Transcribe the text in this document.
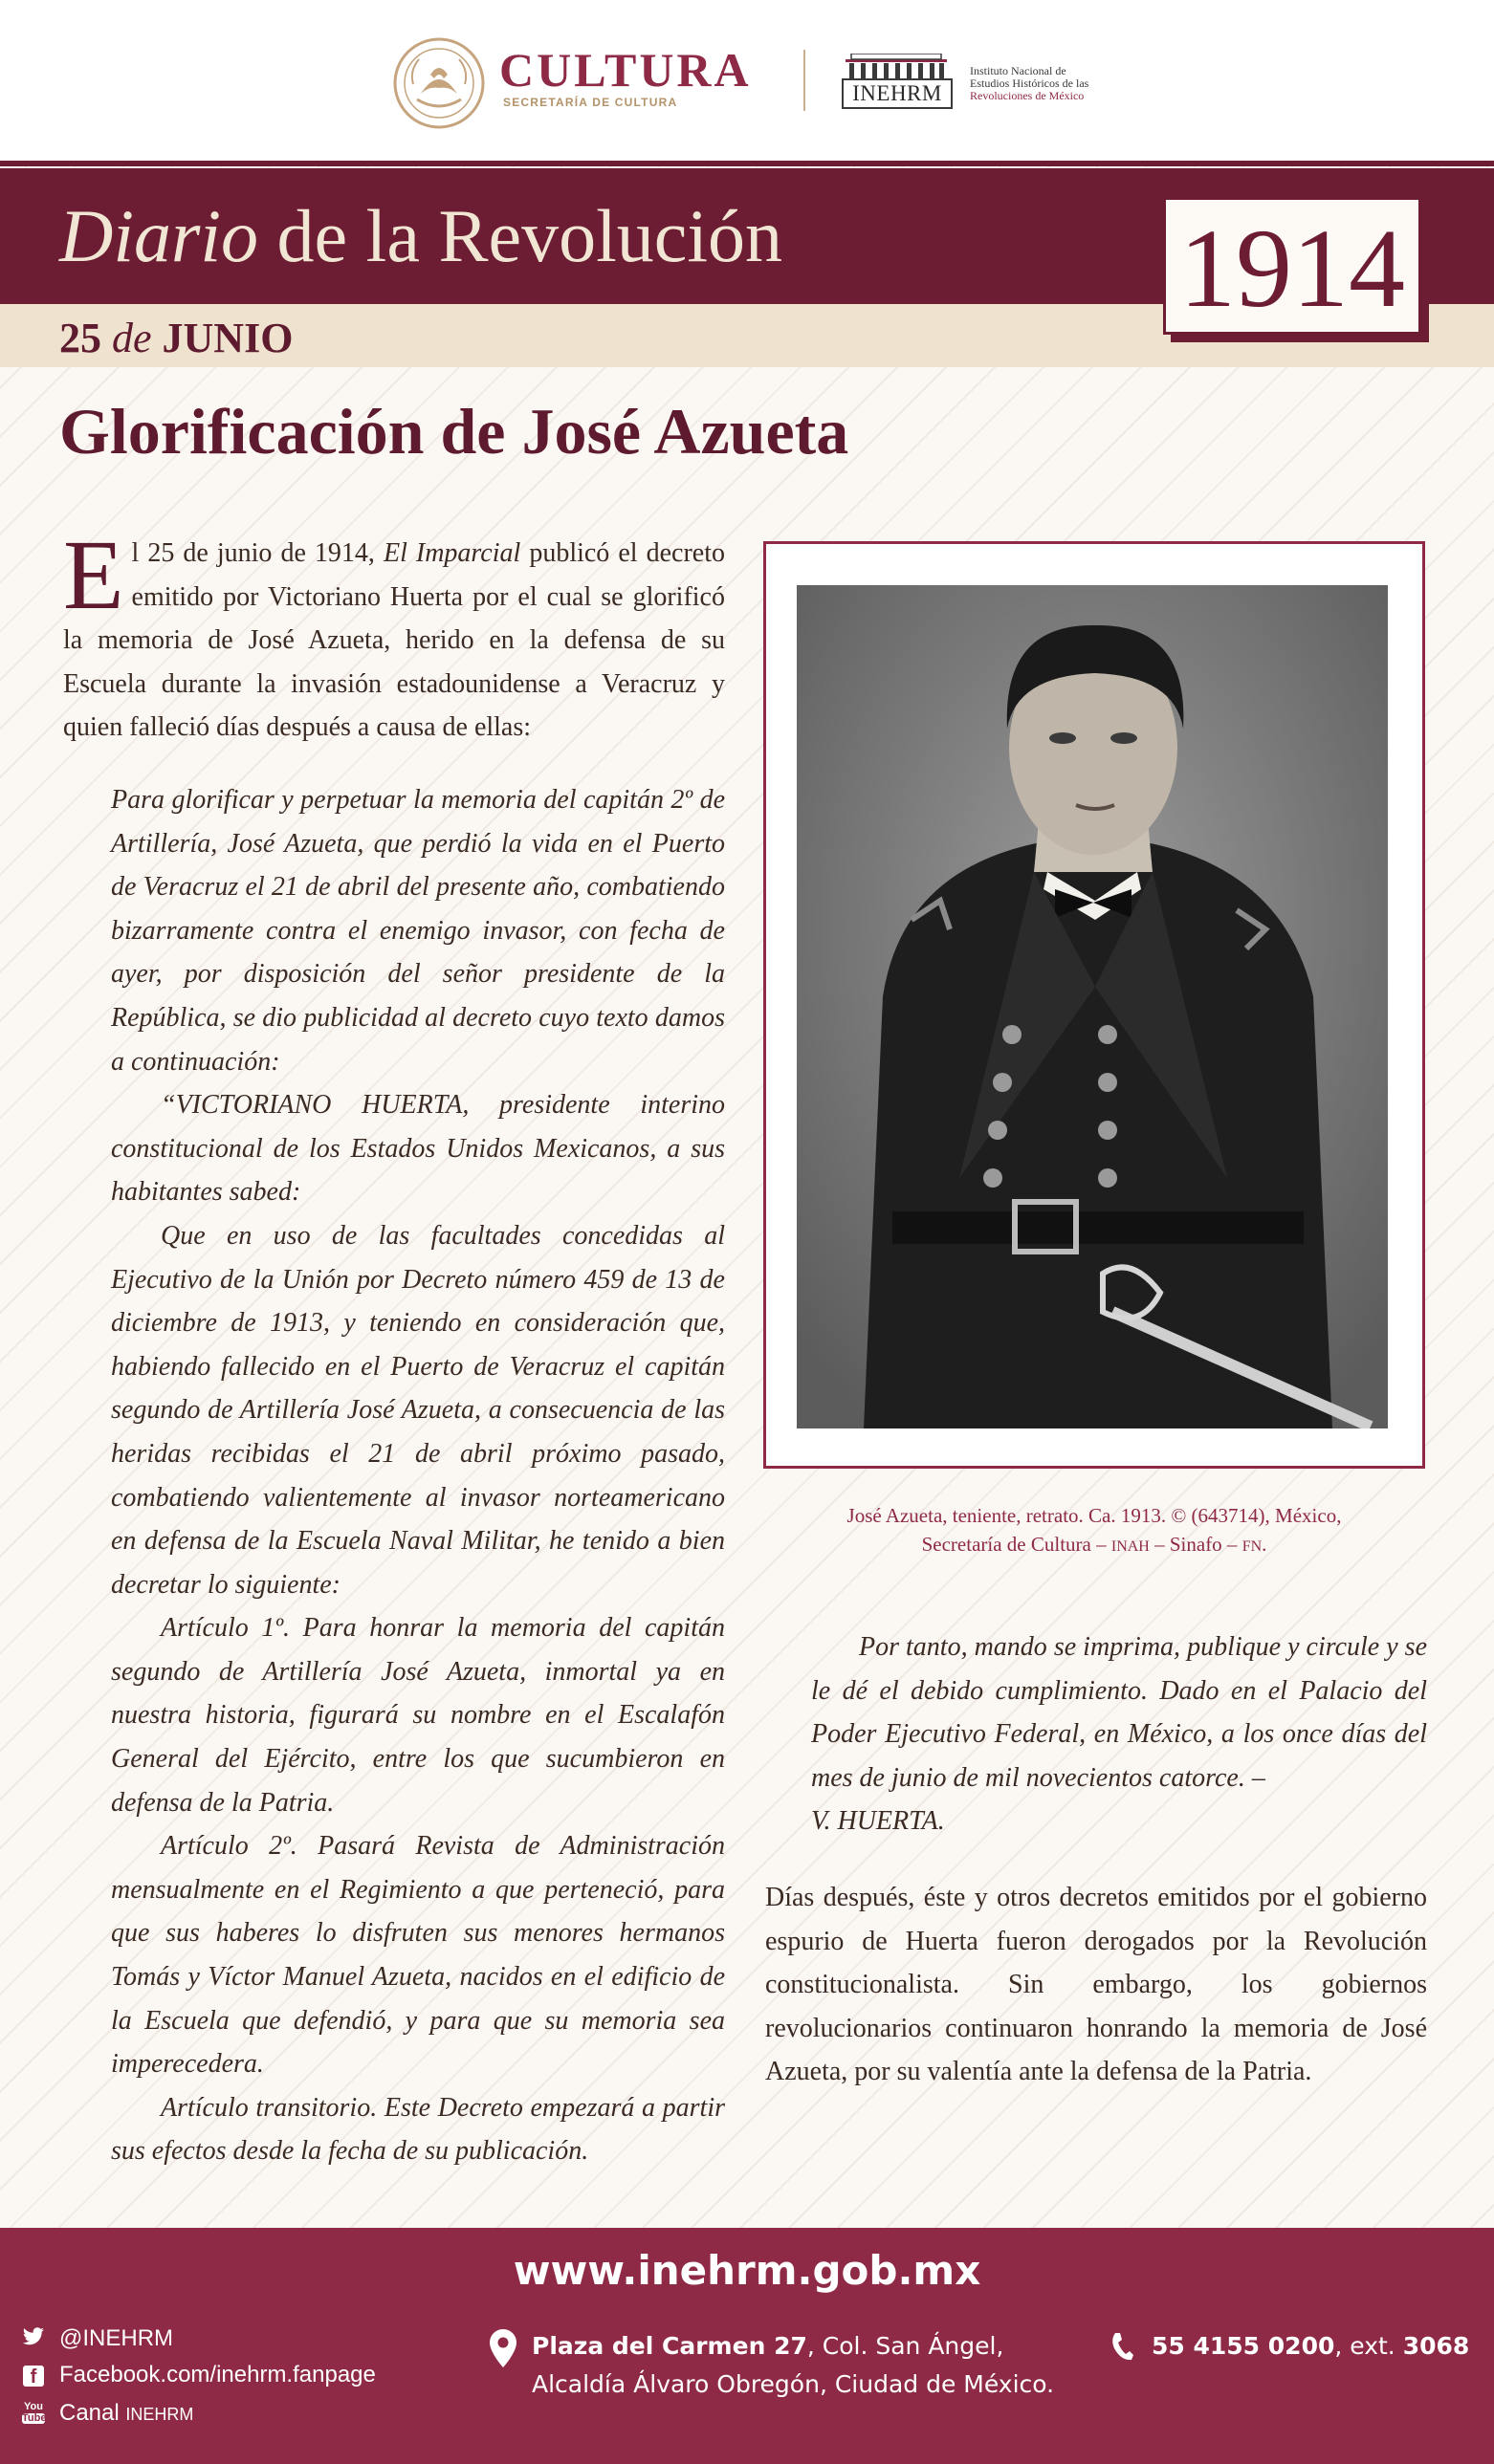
CULTURA
SECRETARÍA DE CULTURA	INEHRM
Instituto Nacional de
Estudios Históricos de las
Revoluciones de México
Diario de la Revolución
25 de JUNIO
1914
Glorificación de José Azueta
El 25 de junio de 1914, El Imparcial publicó el decreto emitido por Victoriano Huerta por el cual se glorificó la memoria de José Azueta, herido en la defensa de su Escuela durante la invasión estadounidense a Veracruz y quien falleció días después a causa de ellas:

Para glorificar y perpetuar la memoria del capitán 2º de Artillería, José Azueta, que perdió la vida en el Puerto de Veracruz el 21 de abril del presente año, combatiendo bizarramente contra el enemigo invasor, con fecha de ayer, por disposición del señor presidente de la República, se dio publicidad al decreto cuyo texto damos a continuación:

“VICTORIANO HUERTA, presidente interino constitucional de los Estados Unidos Mexicanos, a sus habitantes sabed:

Que en uso de las facultades concedidas al Ejecutivo de la Unión por Decreto número 459 de 13 de diciembre de 1913, y teniendo en consideración que, habiendo fallecido en el Puerto de Veracruz el capitán segundo de Artillería José Azueta, a consecuencia de las heridas recibidas el 21 de abril próximo pasado, combatiendo valientemente al invasor norteamericano en defensa de la Escuela Naval Militar, he tenido a bien decretar lo siguiente:

Artículo 1º. Para honrar la memoria del capitán segundo de Artillería José Azueta, inmortal ya en nuestra historia, figurará su nombre en el Escalafón General del Ejército, entre los que sucumbieron en defensa de la Patria.

Artículo 2º. Pasará Revista de Administración mensualmente en el Regimiento a que perteneció, para que sus haberes lo disfruten sus menores hermanos Tomás y Víctor Manuel Azueta, nacidos en el edificio de la Escuela que defendió, y para que su memoria sea imperecedera.

Artículo transitorio. Este Decreto empezará a partir sus efectos desde la fecha de su publicación.

José Azueta, teniente, retrato. Ca. 1913. © (643714), México,
Secretaría de Cultura – INAH – Sinafo – FN.

Por tanto, mando se imprima, publique y circule y se le dé el debido cumplimiento. Dado en el Palacio del Poder Ejecutivo Federal, en México, a los once días del mes de junio de mil novecientos catorce. –

V. HUERTA.

Días después, éste y otros decretos emitidos por el gobierno espurio de Huerta fueron derogados por la Revolución constitucionalista. Sin embargo, los gobiernos revolucionarios continuaron honrando la memoria de José Azueta, por su valentía ante la defensa de la Patria.
www.inehrm.gob.mx
@INEHRM
f Facebook.com/inehrm.fanpage
You
Tube Canal INEHRM
Plaza del Carmen 27, Col. San Ángel,
Alcaldía Álvaro Obregón, Ciudad de México.
55 4155 0200, ext. 3068
